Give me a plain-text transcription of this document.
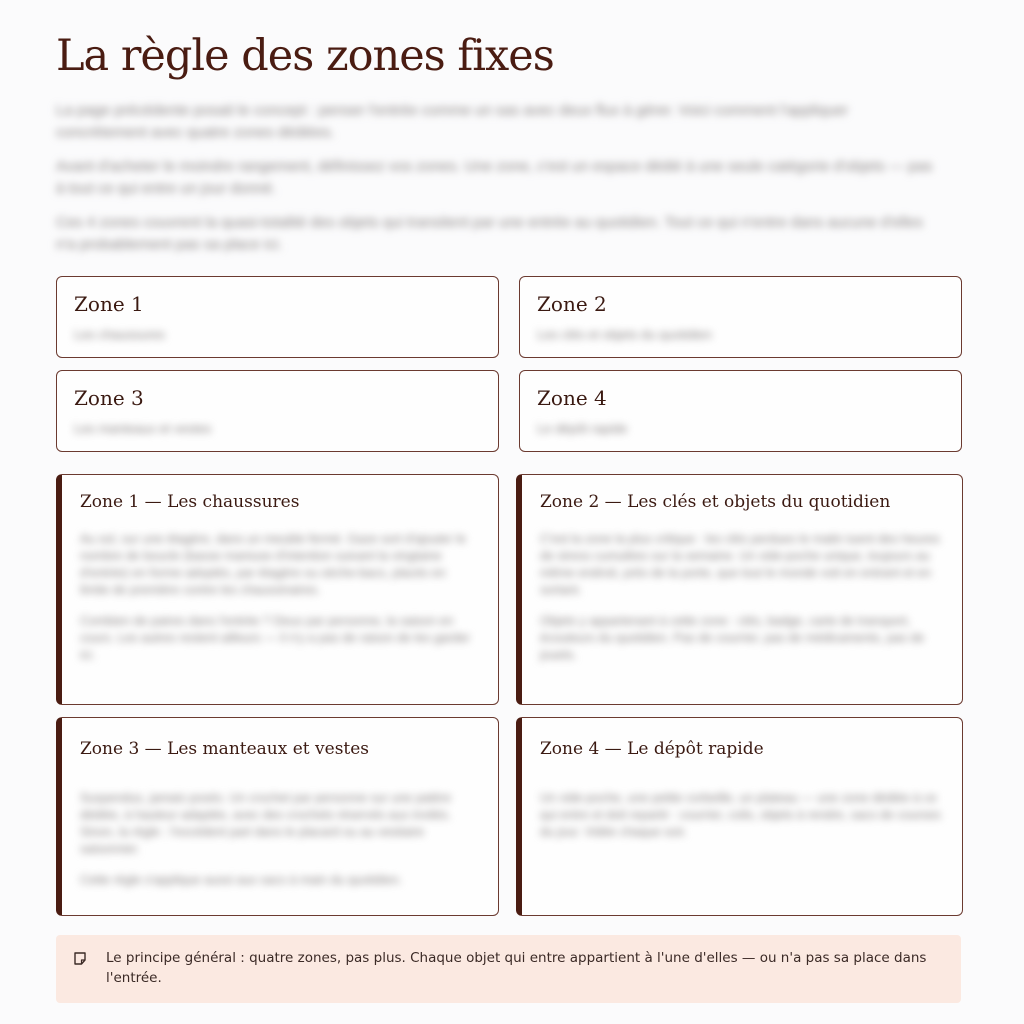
La règle des zones fixes

La page précédente posait le concept : penser l'entrée comme un sas avec deux flux à gérer. Voici comment l'appliquer concrètement avec quatre zones dédiées.

Avant d'acheter le moindre rangement, définissez vos zones. Une zone, c'est un espace dédié à une seule catégorie d'objets — pas à tout ce qui entre un jour donné.

Ces 4 zones couvrent la quasi-totalité des objets qui transitent par une entrée au quotidien. Tout ce qui n'entre dans aucune d'elles n'a probablement pas sa place ici.

Zone 1
Les chaussures
Zone 2
Les clés et objets du quotidien
Zone 3
Les manteaux et vestes
Zone 4
Le dépôt rapide
Zone 1 — Les chaussures

Au sol, sur une étagère, dans un meuble fermé. Gaze sort d'ajouter le nombre de boucle (basse maniuse d'intention suivant la vingtaine d'entrée) en forme adoptés, par étagère ou sèche-bacs, placés en limite de première contre les chaussinaires.

Combien de paires dans l'entrée ? Deux par personne, la saison en cours. Les autres restent ailleurs — il n'y a pas de raison de les garder ici.

Zone 2 — Les clés et objets du quotidien

C'est la zone la plus critique : les clés perdues le matin tuent des heures de stress cumulées sur la semaine. Un vide-poche unique, toujours au même endroit, près de la porte, que tout le monde voit en entrant et en sortant.

Objets y appartenant à cette zone : clés, badge, carte de transport, écouteurs du quotidien. Pas de courrier, pas de médicaments, pas de jouets.

Zone 3 — Les manteaux et vestes

Suspendus, jamais posés. Un crochet par personne sur une patère dédiée, à hauteur adaptée, avec des crochets réservés aux invités. Sinon, la règle : l'excédent part dans le placard ou au vestiaire saisonnier.

Cette règle s'applique aussi aux sacs à main du quotidien.

Zone 4 — Le dépôt rapide

Un vide-poche, une petite corbeille, un plateau — une zone dédiée à ce qui entre et doit repartir : courrier, colis, objets à rendre, sacs de courses du jour. Vidée chaque soir.

Le principe général : quatre zones, pas plus. Chaque objet qui entre appartient à l'une d'elles — ou n'a pas sa place dans l'entrée.
